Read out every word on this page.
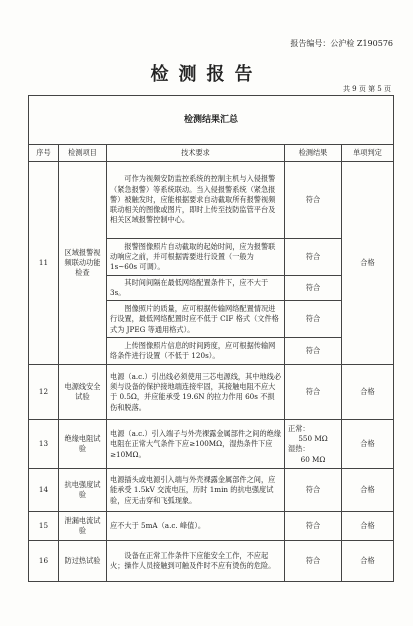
报告编号：公沪检 Z190576
检测报告
共 9 页 第 5 页
检测结果汇总				
序号	检测项目	技术要求	检测结果	单项判定
11	区域报警视频联动功能检查	可作为视频安防监控系统的控制主机与入侵报警（紧急报警）等系统联动。当入侵报警系统（紧急报警）被触发时，应能根据要求自动截取所有报警视频联动相关的图像或图片，即时上传至技防监管平台及相关区域报警控制中心。	符合	合格
		报警图像照片自动截取的起始时间，应为报警联动响应之前，并可根据需要进行设置（一般为 1s~60s 可调）。	符合	
		其时间间隔在最低网络配置条件下，应不大于 3s。	符合	
		图像照片的质量，应可根据传输网络配置情况进行设置，最低网络配置时应不低于 CIF 格式（文件格式为 JPEG 等通用格式）。	符合	
		上传图像照片信息的时间跨度，应可根据传输网络条件进行设置（不低于 120s）。	符合	
12	电源线安全试验	电源（a.c.）引出线必须使用三芯电源线，其中地线必须与设备的保护接地端连接牢固，其接触电阻不应大于 0.5Ω，并应能承受 19.6N 的拉力作用 60s 不损伤和脱落。	符合	合格
13	绝缘电阻试验	电源（a.c.）引入端子与外壳裸露金属部件之间的绝缘电阻在正常大气条件下应≥100MΩ，湿热条件下应≥10MΩ。	正常：
550 MΩ
湿热：
60 MΩ	合格
14	抗电强度试验	电源插头或电源引入端与外壳裸露金属部件之间，应能承受 1.5kV 交流电压，历时 1min 的抗电强度试验，应无击穿和飞弧现象。	符合	合格
15	泄漏电流试验	应不大于 5mA（a.c. 峰值）。	符合	合格
16	防过热试验	设备在正常工作条件下应能安全工作，不应起火；操作人员接触到可触及件时不应有烫伤的危险。	符合	合格
